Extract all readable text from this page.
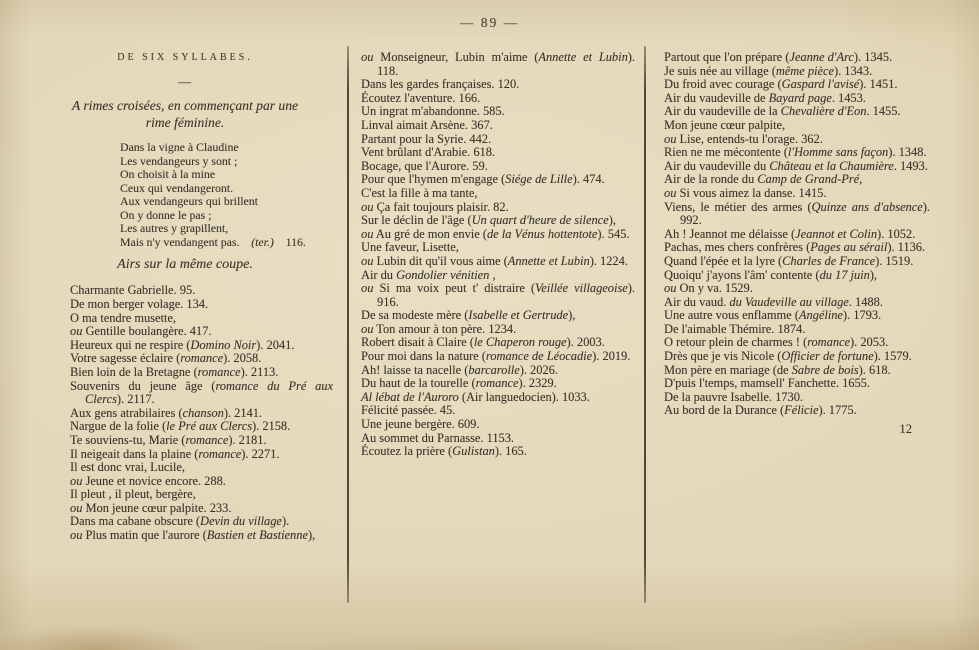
— 89 —
DE SIX SYLLABES.
—
A rimes croisées, en commençant par une
rime féminine.
Dans la vigne à Claudine
Les vendangeurs y sont ;
On choisit à la mine
Ceux qui vendangeront.
Aux vendangeurs qui brillent
On y donne le pas ;
Les autres y grapillent,
Mais n'y vendangent pas.  (ter.)  116.
Airs sur la même coupe.
Charmante Gabrielle. 95.
De mon berger volage. 134.
O ma tendre musette,
ou Gentille boulangère. 417.
Heureux qui ne respire (Domino Noir). 2041.
Votre sagesse éclaire (romance). 2058.
Bien loin de la Bretagne (romance). 2113.
Souvenirs du jeune âge (romance du Pré aux Clercs). 2117.
Aux gens atrabilaires (chanson). 2141.
Nargue de la folie (le Pré aux Clercs). 2158.
Te souviens-tu, Marie (romance). 2181.
Il neigeait dans la plaine (romance). 2271.
Il est donc vrai, Lucile,
ou Jeune et novice encore. 288.
Il pleut , il pleut, bergère,
ou Mon jeune cœur palpite. 233.
Dans ma cabane obscure (Devin du village).
ou Plus matin que l'aurore (Bastien et Bastienne),
ou Monseigneur, Lubin m'aime (Annette et Lubin). 118.
Dans les gardes françaises. 120.
Écoutez l'aventure. 166.
Un ingrat m'abandonne. 585.
Linval aimait Arsène. 367.
Partant pour la Syrie. 442.
Vent brûlant d'Arabie. 618.
Bocage, que l'Aurore. 59.
Pour que l'hymen m'engage (Siége de Lille). 474.
C'est la fille à ma tante,
ou Ça fait toujours plaisir. 82.
Sur le déclin de l'âge (Un quart d'heure de silence),
ou Au gré de mon envie (de la Vénus hottentote). 545.
Une faveur, Lisette,
ou Lubin dit qu'il vous aime (Annette et Lubin). 1224.
Air du Gondolier vénitien ,
ou Si ma voix peut t' distraire (Veillée villageoise). 916.
De sa modeste mère (Isabelle et Gertrude),
ou Ton amour à ton père. 1234.
Robert disait à Claire (le Chaperon rouge). 2003.
Pour moi dans la nature (romance de Léocadie). 2019.
Ah! laisse ta nacelle (barcarolle). 2026.
Du haut de la tourelle (romance). 2329.
Al lébat de l'Auroro (Air languedocien). 1033.
Félicité passée. 45.
Une jeune bergère. 609.
Au sommet du Parnasse. 1153.
Écoutez la prière (Gulistan). 165.
Partout que l'on prépare (Jeanne d'Arc). 1345.
Je suis née au village (même pièce). 1343.
Du froid avec courage (Gaspard l'avisé). 1451.
Air du vaudeville de Bayard page. 1453.
Air du vaudeville de la Chevalière d'Eon. 1455.
Mon jeune cœur palpite,
ou Lise, entends-tu l'orage. 362.
Rien ne me mécontente (l'Homme sans façon). 1348.
Air du vaudeville du Château et la Chaumière. 1493.
Air de la ronde du Camp de Grand-Pré,
ou Si vous aimez la danse. 1415.
Viens, le métier des armes (Quinze ans d'absence). 992.
Ah ! Jeannot me délaisse (Jeannot et Colin). 1052.
Pachas, mes chers confrères (Pages au sérail). 1136.
Quand l'épée et la lyre (Charles de France). 1519.
Quoiqu' j'ayons l'âm' contente (du 17 juin),
ou On y va. 1529.
Air du vaud. du Vaudeville au village. 1488.
Une autre vous enflamme (Angéline). 1793.
De l'aimable Thémire. 1874.
O retour plein de charmes ! (romance). 2053.
Drès que je vis Nicole (Officier de fortune). 1579.
Mon père en mariage (de Sabre de bois). 618.
D'puis l'temps, mamsell' Fanchette. 1655.
De la pauvre Isabelle. 1730.
Au bord de la Durance (Félicie). 1775.
12
